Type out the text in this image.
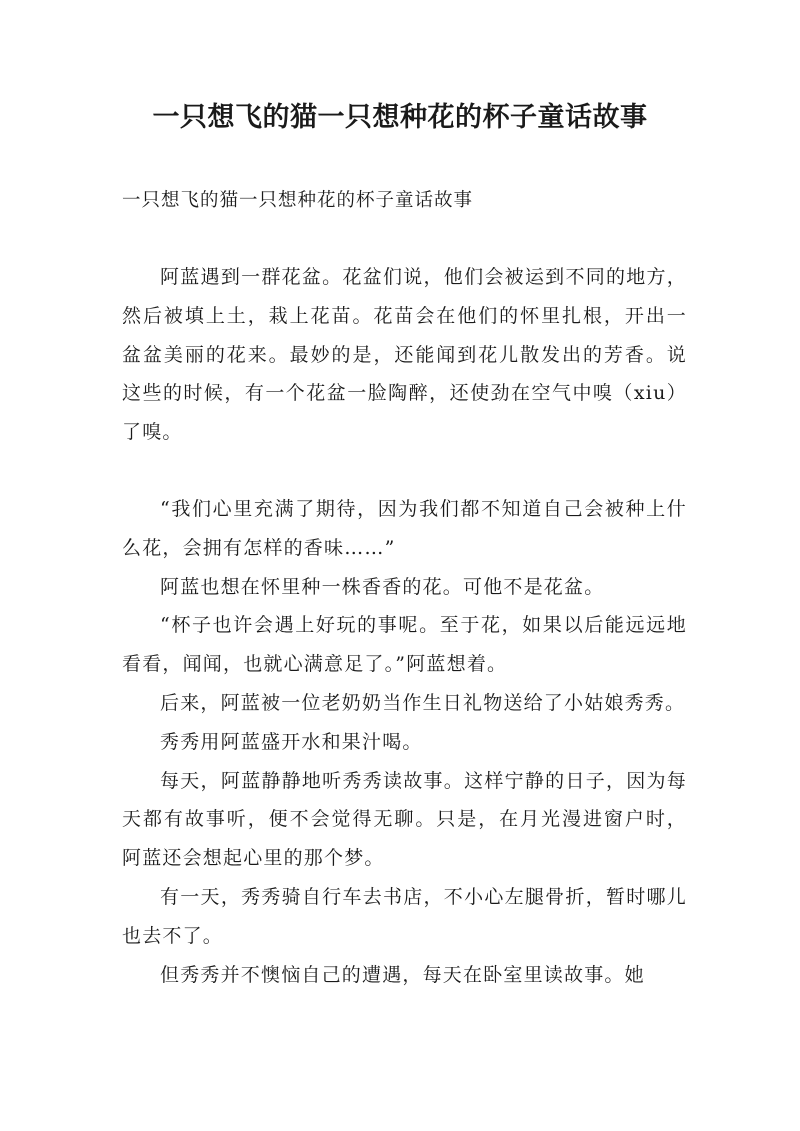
一只想飞的猫一只想种花的杯子童话故事

一只想飞的猫一只想种花的杯子童话故事

阿蓝遇到一群花盆。花盆们说，他们会被运到不同的地方，然后被填上土，栽上花苗。花苗会在他们的怀里扎根，开出一盆盆美丽的花来。最妙的是，还能闻到花儿散发出的芳香。说这些的时候，有一个花盆一脸陶醉，还使劲在空气中嗅（xiu）了嗅。

“我们心里充满了期待，因为我们都不知道自己会被种上什么花，会拥有怎样的香味……”

阿蓝也想在怀里种一株香香的花。可他不是花盆。

“杯子也许会遇上好玩的事呢。至于花，如果以后能远远地看看，闻闻，也就心满意足了。”阿蓝想着。

后来，阿蓝被一位老奶奶当作生日礼物送给了小姑娘秀秀。

秀秀用阿蓝盛开水和果汁喝。

每天，阿蓝静静地听秀秀读故事。这样宁静的日子，因为每天都有故事听，便不会觉得无聊。只是，在月光漫进窗户时，阿蓝还会想起心里的那个梦。

有一天，秀秀骑自行车去书店，不小心左腿骨折，暂时哪儿也去不了。

但秀秀并不懊恼自己的遭遇，每天在卧室里读故事。她
